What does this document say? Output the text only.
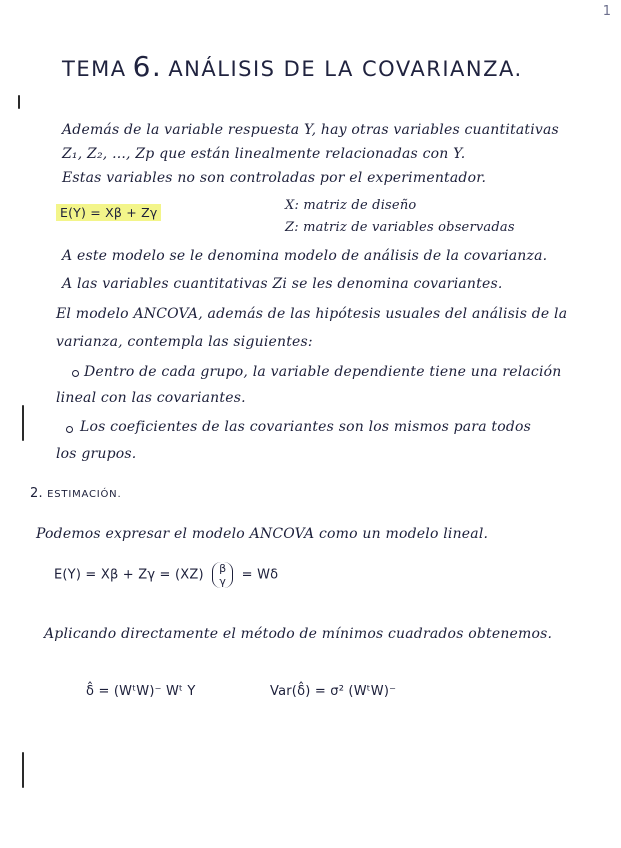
1
TEMA 6. ANÁLISIS DE LA COVARIANZA.
Además de la variable respuesta Y, hay otras variables cuantitativas
Z₁, Z₂, ..., Zp que están linealmente relacionadas con Y.
Estas variables no son controladas por el experimentador.
E(Y) = Xβ + Zγ	X: matriz de diseño
Z: matriz de variables observadas
A este modelo se le denomina modelo de análisis de la covarianza.
A las variables cuantitativas Zi se les denomina covariantes.
El modelo ANCOVA, además de las hipótesis usuales del análisis de la
varianza, contempla las siguientes:
Dentro de cada grupo, la variable dependiente tiene una relación
lineal con las covariantes.
Los coeficientes de las covariantes son los mismos para todos
los grupos.
2. ESTIMACIÓN.
Podemos expresar el modelo ANCOVA como un modelo lineal.
E(Y) = Xβ + Zγ = (XZ) β
γ = Wδ
Aplicando directamente el método de mínimos cuadrados obtenemos.
δ̂ = (WᵗW)⁻ Wᵗ Y	Var(δ̂) = σ² (WᵗW)⁻
